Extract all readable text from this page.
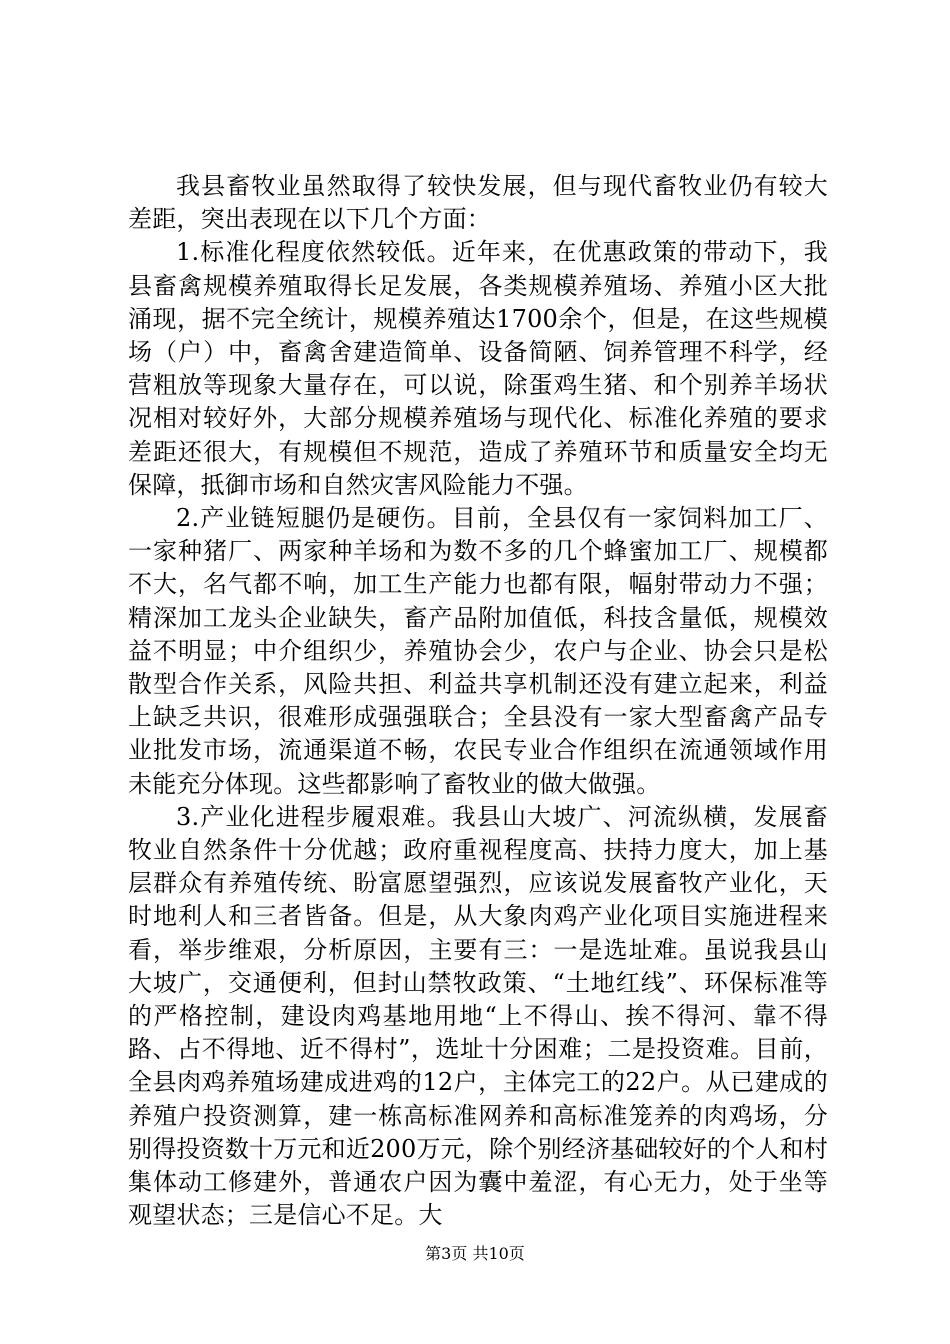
我县畜牧业虽然取得了较快发展，但与现代畜牧业仍有较大差距，突出表现在以下几个方面：

1.标准化程度依然较低。近年来，在优惠政策的带动下，我县畜禽规模养殖取得长足发展，各类规模养殖场、养殖小区大批涌现，据不完全统计，规模养殖达1700余个，但是，在这些规模场（户）中，畜禽舍建造简单、设备简陋、饲养管理不科学，经营粗放等现象大量存在，可以说，除蛋鸡生猪、和个别养羊场状况相对较好外，大部分规模养殖场与现代化、标准化养殖的要求差距还很大，有规模但不规范，造成了养殖环节和质量安全均无保障，抵御市场和自然灾害风险能力不强。

2.产业链短腿仍是硬伤。目前，全县仅有一家饲料加工厂、一家种猪厂、两家种羊场和为数不多的几个蜂蜜加工厂、规模都不大，名气都不响，加工生产能力也都有限，幅射带动力不强；精深加工龙头企业缺失，畜产品附加值低，科技含量低，规模效益不明显；中介组织少，养殖协会少，农户与企业、协会只是松散型合作关系，风险共担、利益共享机制还没有建立起来，利益上缺乏共识，很难形成强强联合；全县没有一家大型畜禽产品专业批发市场，流通渠道不畅，农民专业合作组织在流通领域作用未能充分体现。这些都影响了畜牧业的做大做强。

3.产业化进程步履艰难。我县山大坡广、河流纵横，发展畜牧业自然条件十分优越；政府重视程度高、扶持力度大，加上基层群众有养殖传统、盼富愿望强烈，应该说发展畜牧产业化，天时地利人和三者皆备。但是，从大象肉鸡产业化项目实施进程来看，举步维艰，分析原因，主要有三：一是选址难。虽说我县山大坡广，交通便利，但封山禁牧政策、“土地红线”、环保标准等的严格控制，建设肉鸡基地用地“上不得山、挨不得河、靠不得路、占不得地、近不得村”，选址十分困难；二是投资难。目前，全县肉鸡养殖场建成进鸡的12户，主体完工的22户。从已建成的养殖户投资测算，建一栋高标准网养和高标准笼养的肉鸡场，分别得投资数十万元和近200万元，除个别经济基础较好的个人和村集体动工修建外，普通农户因为囊中羞涩，有心无力，处于坐等观望状态；三是信心不足。大

第3页 共10页
